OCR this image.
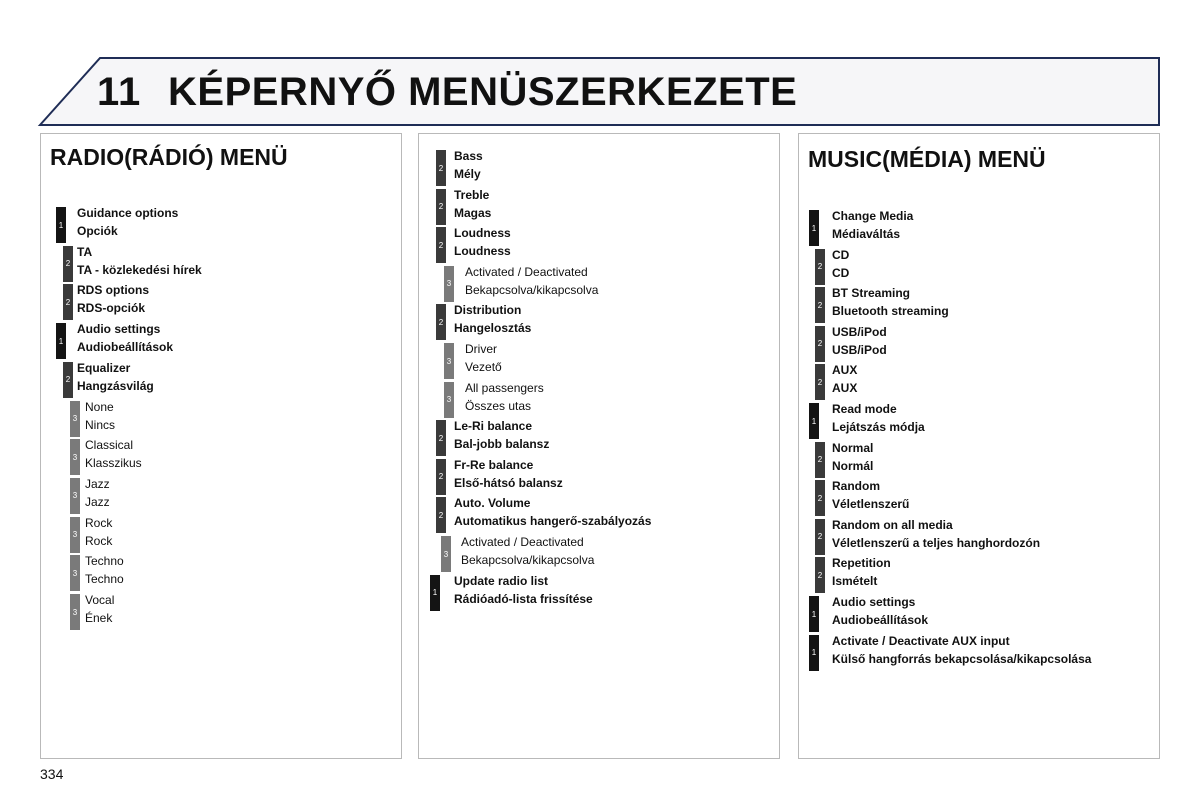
11 KÉPERNYŐ MENÜSZERKEZETE
RADIO(RÁDIÓ) MENÜ
1
Guidance options
Opciók
2
TA
TA - közlekedési hírek
2
RDS options
RDS-opciók
1
Audio settings
Audiobeállítások
2
Equalizer
Hangzásvilág
3
None
Nincs
3
Classical
Klasszikus
3
Jazz
Jazz
3
Rock
Rock
3
Techno
Techno
3
Vocal
Ének
2
Bass
Mély
2
Treble
Magas
2
Loudness
Loudness
3
Activated / Deactivated
Bekapcsolva/kikapcsolva
2
Distribution
Hangelosztás
3
Driver
Vezető
3
All passengers
Összes utas
2
Le-Ri balance
Bal-jobb balansz
2
Fr-Re balance
Első-hátsó balansz
2
Auto. Volume
Automatikus hangerő-szabályozás
3
Activated / Deactivated
Bekapcsolva/kikapcsolva
1
Update radio list
Rádióadó-lista frissítése
MUSIC(MÉDIA) MENÜ
1
Change Media
Médiaváltás
2
CD
CD
2
BT Streaming
Bluetooth streaming
2
USB/iPod
USB/iPod
2
AUX
AUX
1
Read mode
Lejátszás módja
2
Normal
Normál
2
Random
Véletlenszerű
2
Random on all media
Véletlenszerű a teljes hanghordozón
2
Repetition
Ismételt
1
Audio settings
Audiobeállítások
1
Activate / Deactivate AUX input
Külső hangforrás bekapcsolása/kikapcsolása
334
